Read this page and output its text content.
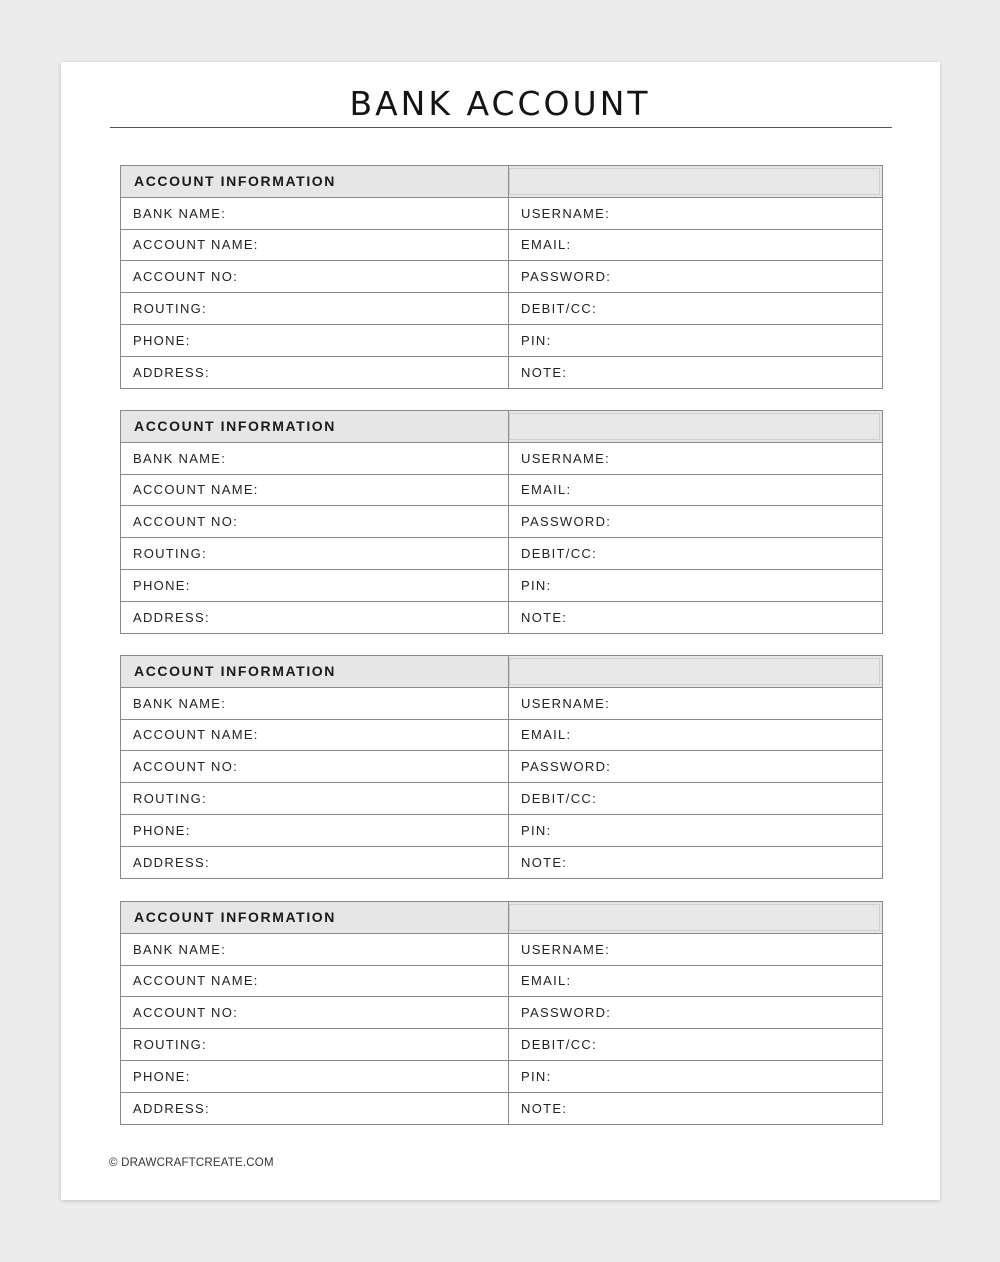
BANK ACCOUNT
ACCOUNT INFORMATION
BANK NAME:	USERNAME:
ACCOUNT NAME:	EMAIL:
ACCOUNT NO:	PASSWORD:
ROUTING:	DEBIT/CC:
PHONE:	PIN:
ADDRESS:	NOTE:
ACCOUNT INFORMATION
BANK NAME:	USERNAME:
ACCOUNT NAME:	EMAIL:
ACCOUNT NO:	PASSWORD:
ROUTING:	DEBIT/CC:
PHONE:	PIN:
ADDRESS:	NOTE:
ACCOUNT INFORMATION
BANK NAME:	USERNAME:
ACCOUNT NAME:	EMAIL:
ACCOUNT NO:	PASSWORD:
ROUTING:	DEBIT/CC:
PHONE:	PIN:
ADDRESS:	NOTE:
ACCOUNT INFORMATION
BANK NAME:	USERNAME:
ACCOUNT NAME:	EMAIL:
ACCOUNT NO:	PASSWORD:
ROUTING:	DEBIT/CC:
PHONE:	PIN:
ADDRESS:	NOTE:
© DRAWCRAFTCREATE.COM
